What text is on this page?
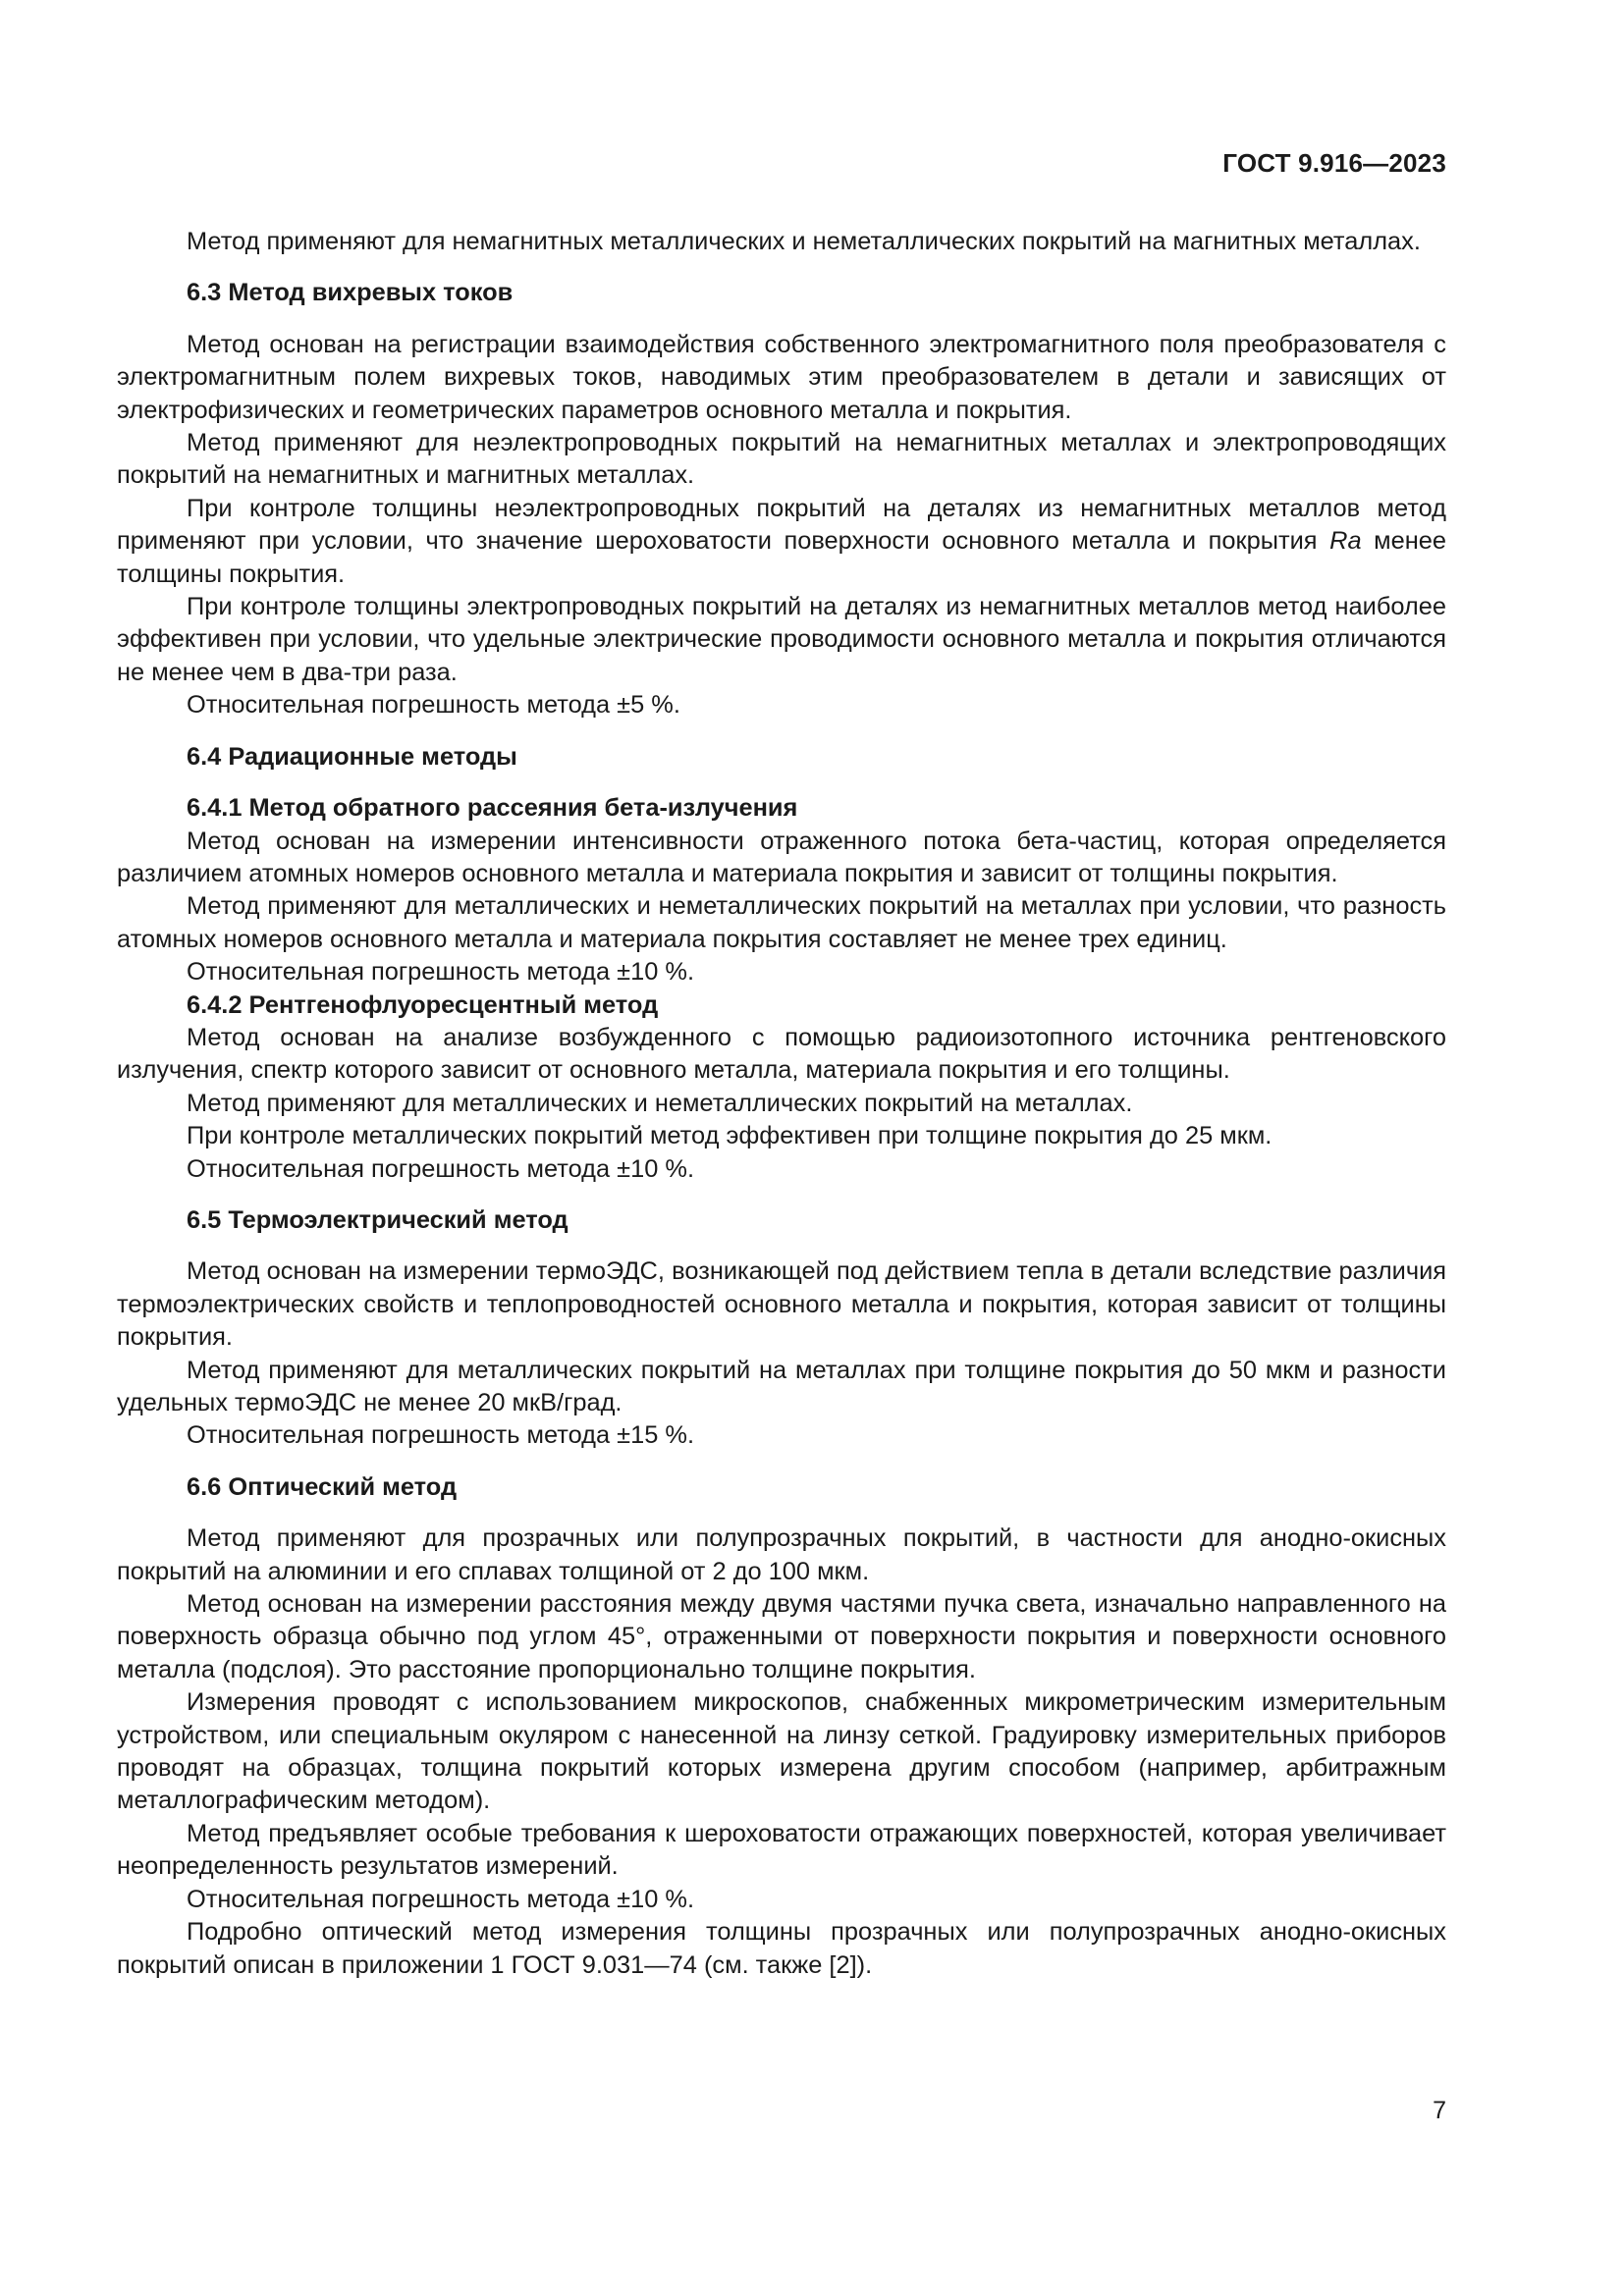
ГОСТ 9.916—2023

Метод применяют для немагнитных металлических и неметаллических покрытий на магнитных металлах.

6.3 Метод вихревых токов

Метод основан на регистрации взаимодействия собственного электромагнитного поля преобразователя с электромагнитным полем вихревых токов, наводимых этим преобразователем в детали и зависящих от электрофизических и геометрических параметров основного металла и покрытия.

Метод применяют для неэлектропроводных покрытий на немагнитных металлах и электропроводящих покрытий на немагнитных и магнитных металлах.

При контроле толщины неэлектропроводных покрытий на деталях из немагнитных металлов метод применяют при условии, что значение шероховатости поверхности основного металла и покрытия Ra менее толщины покрытия.

При контроле толщины электропроводных покрытий на деталях из немагнитных металлов метод наиболее эффективен при условии, что удельные электрические проводимости основного металла и покрытия отличаются не менее чем в два-три раза.

Относительная погрешность метода ±5 %.

6.4 Радиационные методы
6.4.1 Метод обратного рассеяния бета-излучения

Метод основан на измерении интенсивности отраженного потока бета-частиц, которая определяется различием атомных номеров основного металла и материала покрытия и зависит от толщины покрытия.

Метод применяют для металлических и неметаллических покрытий на металлах при условии, что разность атомных номеров основного металла и материала покрытия составляет не менее трех единиц.

Относительная погрешность метода ±10 %.

6.4.2 Рентгенофлуоресцентный метод

Метод основан на анализе возбужденного с помощью радиоизотопного источника рентгеновского излучения, спектр которого зависит от основного металла, материала покрытия и его толщины.

Метод применяют для металлических и неметаллических покрытий на металлах.

При контроле металлических покрытий метод эффективен при толщине покрытия до 25 мкм.

Относительная погрешность метода ±10 %.

6.5 Термоэлектрический метод

Метод основан на измерении термоЭДС, возникающей под действием тепла в детали вследствие различия термоэлектрических свойств и теплопроводностей основного металла и покрытия, которая зависит от толщины покрытия.

Метод применяют для металлических покрытий на металлах при толщине покрытия до 50 мкм и разности удельных термоЭДС не менее 20 мкВ/град.

Относительная погрешность метода ±15 %.

6.6 Оптический метод

Метод применяют для прозрачных или полупрозрачных покрытий, в частности для анодно-окисных покрытий на алюминии и его сплавах толщиной от 2 до 100 мкм.

Метод основан на измерении расстояния между двумя частями пучка света, изначально направленного на поверхность образца обычно под углом 45°, отраженными от поверхности покрытия и поверхности основного металла (подслоя). Это расстояние пропорционально толщине покрытия.

Измерения проводят с использованием микроскопов, снабженных микрометрическим измерительным устройством, или специальным окуляром с нанесенной на линзу сеткой. Градуировку измерительных приборов проводят на образцах, толщина покрытий которых измерена другим способом (например, арбитражным металлографическим методом).

Метод предъявляет особые требования к шероховатости отражающих поверхностей, которая увеличивает неопределенность результатов измерений.

Относительная погрешность метода ±10 %.

Подробно оптический метод измерения толщины прозрачных или полупрозрачных анодно-окисных покрытий описан в приложении 1 ГОСТ 9.031—74 (см. также [2]).

7
